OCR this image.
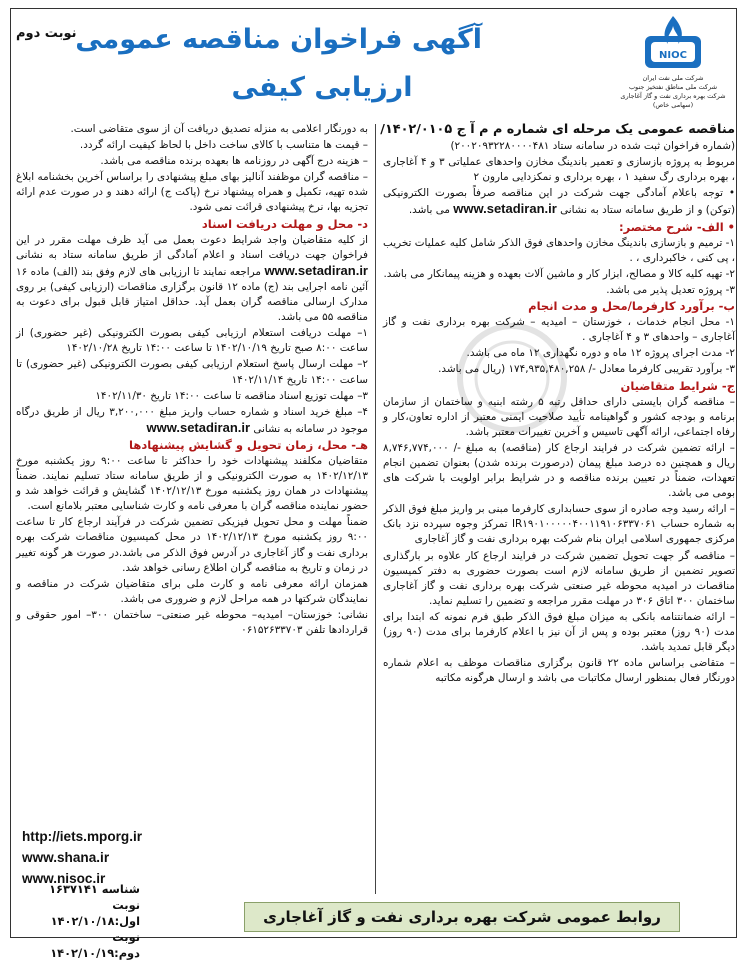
نوبت دوم
آگهی فراخوان مناقصه عمومی
ارزیابی کیفی
NIOC
شرکت ملی نفت ایران
شرکت ملی مناطق نفتخیز جنوب
شرکت بهره برداری نفت و گاز آغاجاری
(سهامی خاص)

مناقصه عمومی یک مرحله ای شماره م م آ ج ۱۴۰۲/۰۱۰۵/

(شماره فراخوان ثبت شده در سامانه ستاد ۲۰۰۲۰۹۳۲۲۸۰۰۰۰۴۸۱)

مربوط به پروژه بازسازی و تعمیر باندینگ مخازن واحدهای عملیاتی ۳ و ۴ آغاجاری ، بهره برداری رگ سفید ۱ ، بهره برداری و نمکزدایی مارون ۲

• توجه باعلام آمادگی جهت شرکت در این مناقصه صرفاً بصورت الکترونیکی (توکن) و از طریق سامانه ستاد به نشانی www.setadiran.ir می باشد.

• الف- شرح مختصر:

۱- ترمیم و بازسازی باندینگ مخازن واحدهای فوق الذکر شامل کلیه عملیات تخریب ، پی کنی ، خاکبرداری ، .

۲- تهیه کلیه کالا و مصالح، ابزار کار و ماشین آلات بعهده و هزینه پیمانکار می باشد.

۳- پروژه تعدیل پذیر می باشد.

ب- برآورد کارفرما/محل و مدت انجام

۱- محل انجام خدمات ، خوزستان – امیدیه – شرکت بهره برداری نفت و گاز آغاجاری – واحدهای ۳ و ۴ آغاجاری .

۲- مدت اجرای پروژه ۱۲ ماه و دوره نگهداری ۱۲ ماه می باشد.

۳- برآورد تقریبی کارفرما معادل -/ ۱۷۴,۹۳۵,۴۸۰,۲۵۸ (ریال می باشد.

ج- شرایط متقاضیان

– مناقصه گران بایستی دارای حداقل رتبه ۵ رشته ابنیه و ساختمان از سازمان برنامه و بودجه کشور و گواهینامه تأیید صلاحیت ایمنی معتبر از اداره تعاون،کار و رفاه اجتماعی، ارائه آگهی تاسیس و آخرین تغییرات معتبر باشد.

– ارائه تضمین شرکت در فرایند ارجاع کار (مناقصه) به مبلغ -/ ۸,۷۴۶,۷۷۴,۰۰۰ ریال و همچنین ده درصد مبلغ پیمان (درصورت برنده شدن) بعنوان تضمین انجام تعهدات، ضمناً در تعیین برنده مناقصه و در شرایط برابر اولویت با شرکت های بومی می باشد.

– ارائه رسید وجه صادره از سوی حسابداری کارفرما مبنی بر واریز مبلغ فوق الذکر به شماره حساب IR۱۹۰۱۰۰۰۰۰۴۰۰۱۱۹۱۰۶۳۳۷۰۶۱ تمرکز وجوه سپرده نزد بانک مرکزی جمهوری اسلامی ایران بنام شرکت بهره برداری نفت و گاز آغاجاری

– مناقصه گر جهت تحویل تضمین شرکت در فرایند ارجاع کار علاوه بر بارگذاری تصویر تضمین از طریق سامانه لازم است بصورت حضوری به دفتر کمیسیون مناقصات در امیدیه محوطه غیر صنعتی شرکت بهره برداری نفت و گاز آغاجاری ساختمان ۳۰۰ اتاق ۳۰۶ در مهلت مقرر مراجعه و تضمین را تسلیم نماید.

– ارائه ضمانتنامه بانکی به میزان مبلغ فوق الذکر طبق فرم نمونه که ابتدا برای مدت (۹۰ روز) معتبر بوده و پس از آن نیز با اعلام کارفرما برای مدت (۹۰ روز) دیگر قابل تمدید باشد.

– متقاضی براساس ماده ۲۲ قانون برگزاری مناقصات موظف به اعلام شماره دورنگار فعال بمنظور ارسال مکاتبات می باشد و ارسال هرگونه مکاتبه

به دورنگار اعلامی به منزله تصدیق دریافت آن از سوی متقاضی است.

– قیمت ها متناسب با کالای ساخت داخل با لحاظ کیفیت ارائه گردد.

– هزینه درج آگهی در روزنامه ها بعهده برنده مناقصه می باشد.

– مناقصه گران موظفند آنالیز بهای مبلغ پیشنهادی را براساس آخرین بخشنامه ابلاغ شده تهیه، تکمیل و همراه پیشنهاد نرخ (پاکت ج) ارائه دهند و در صورت عدم ارائه تجزیه بها، نرخ پیشنهادی قرائت نمی شود.

د- محل و مهلت دریافت اسناد

از کلیه متقاضیان واجد شرایط دعوت بعمل می آید ظرف مهلت مقرر در این فراخوان جهت دریافت اسناد و اعلام آمادگی از طریق سامانه ستاد به نشانی www.setadiran.ir مراجعه نمایند تا ارزیابی های لازم وفق بند (الف) ماده ۱۶ آئین نامه اجرایی بند (ج) ماده ۱۲ قانون برگزاری مناقصات (ارزیابی کیفی) بر روی مدارک ارسالی مناقصه گران بعمل آید. حداقل امتیاز قابل قبول برای دعوت به مناقصه ۵۵ می باشد.

۱– مهلت دریافت استعلام ارزیابی کیفی بصورت الکترونیکی (غیر حضوری) از ساعت ۸:۰۰ صبح تاریخ ۱۴۰۲/۱۰/۱۹ تا ساعت ۱۴:۰۰ تاریخ ۱۴۰۲/۱۰/۲۸

۲– مهلت ارسال پاسخ استعلام ارزیابی کیفی بصورت الکترونیکی (غیر حضوری) تا ساعت ۱۴:۰۰ تاریخ ۱۴۰۲/۱۱/۱۴

۳– مهلت توزیع اسناد مناقصه تا ساعت ۱۴:۰۰ تاریخ ۱۴۰۲/۱۱/۳۰

۴– مبلغ خرید اسناد و شماره حساب واریز مبلغ ۳,۲۰۰,۰۰۰ ریال از طریق درگاه موجود در سامانه به نشانی www.setadiran.ir

هـ- محل، زمان تحویل و گشایش پیشنهادها

متقاضیان مکلفند پیشنهادات خود را حداکثر تا ساعت ۹:۰۰ روز یکشنبه مورخ ۱۴۰۲/۱۲/۱۳ به صورت الکترونیکی و از طریق سامانه ستاد تسلیم نمایند. ضمناً پیشنهادات در همان روز یکشنبه مورخ ۱۴۰۲/۱۲/۱۳ گشایش و قرائت خواهد شد و حضور نماینده مناقصه گران با معرفی نامه و کارت شناسایی معتبر بلامانع است.

ضمناً مهلت و محل تحویل فیزیکی تضمین شرکت در فرآیند ارجاع کار تا ساعت ۹:۰۰ روز یکشنبه مورخ ۱۴۰۲/۱۲/۱۳ در محل کمیسیون مناقصات شرکت بهره برداری نفت و گاز آغاجاری در آدرس فوق الذکر می باشد.در صورت هر گونه تغییر در زمان و تاریخ به مناقصه گران اطلاع رسانی خواهد شد.

همزمان ارائه معرفی نامه و کارت ملی برای متقاضیان شرکت در مناقصه و نمایندگان شرکتها در همه مراحل لازم و ضروری می باشد.

نشانی: خوزستان– امیدیه– محوطه غیر صنعتی– ساختمان ۳۰۰– امور حقوقی و قراردادها تلفن ۰۶۱۵۲۶۳۳۷۰۳

http://iets.mporg.ir
www.shana.ir
www.nisoc.ir
شناسه ۱۶۳۷۱۴۱
نوبت اول:۱۴۰۲/۱۰/۱۸
نوبت دوم:۱۴۰۲/۱۰/۱۹
روابط عمومی شرکت بهره برداری نفت و گاز آغاجاری
